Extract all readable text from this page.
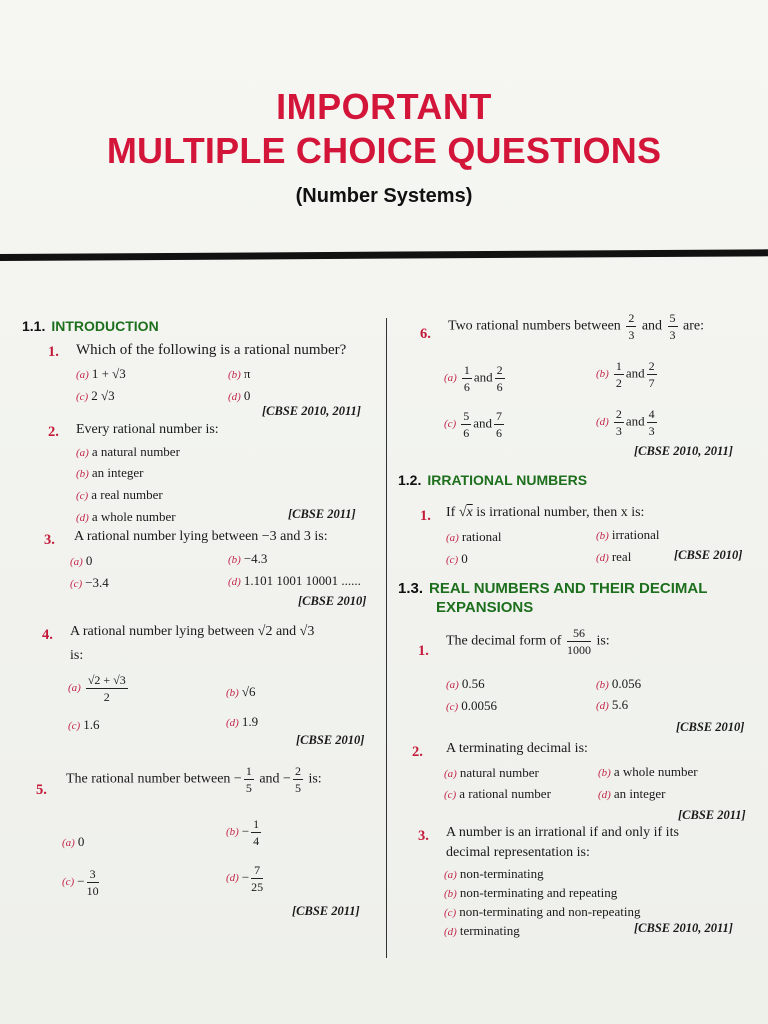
IMPORTANT
MULTIPLE CHOICE QUESTIONS
(Number Systems)
1.1. INTRODUCTION
1. Which of the following is a rational number?
(a) 1 + √3	(b) π
(c) 2 √3	(d) 0
[CBSE 2010, 2011]
2. Every rational number is:
(a) a natural number
(b) an integer
(c) a real number
(d) a whole number	[CBSE 2011]
3. A rational number lying between −3 and 3 is:
(a) 0	(b) −4.3
(c) −3.4	(d) 1.101 1001 10001 ......
[CBSE 2010]
4. A rational number lying between √2 and √3
is:
$(a) \frac{√2 + √3}{2}$	(b) √6
(c) 1.6	(d) 1.9
[CBSE 2010]
5.
The rational number between − $\frac{1}{5}$ and − $\frac{2}{5}$ is:
(a) 0
$(b) - \frac{1}{4}$
$(c) - \frac{3}{10}$	$(d) - \frac{7}{25}$
[CBSE 2011]
6. Two rational numbers between $\frac{2}{3}$ and $\frac{5}{3}$ are:
$(a) \frac{1}{6}$ and $\frac{2}{6}$	$(b) \frac{1}{2}$ and $\frac{2}{7}$
$(c) \frac{5}{6}$ and $\frac{7}{6}$	$(d) \frac{2}{3}$ and $\frac{4}{3}$
[CBSE 2010, 2011]
1.2. IRRATIONAL NUMBERS
1. If √x is irrational number, then x is:
(a) rational	(b) irrational
(c) 0	(d) real	[CBSE 2010]
1.3. REAL NUMBERS AND THEIR DECIMAL
EXPANSIONS
1.
The decimal form of $\frac{56}{1000}$ is:
(a) 0.56	(b) 0.056
(c) 0.0056	(d) 5.6
[CBSE 2010]
2. A terminating decimal is:
(a) natural number	(b) a whole number
(c) a rational number	(d) an integer
[CBSE 2011]
3. A number is an irrational if and only if its
decimal representation is:
(a) non-terminating
(b) non-terminating and repeating
(c) non-terminating and non-repeating
(d) terminating	[CBSE 2010, 2011]
